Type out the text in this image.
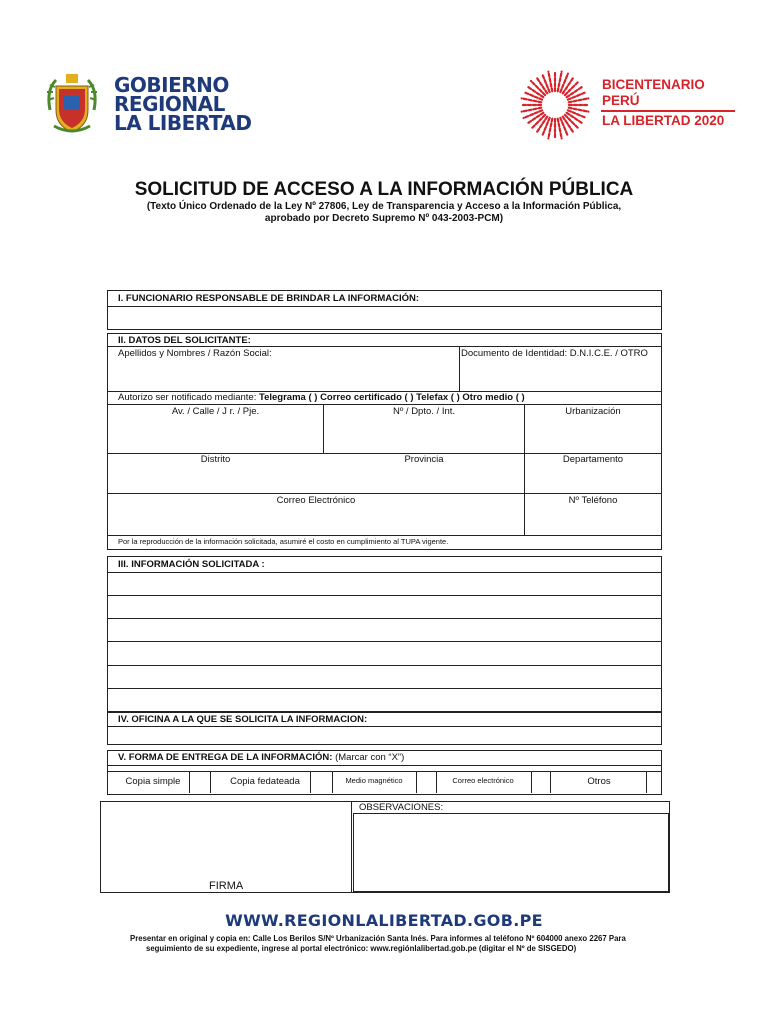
GOBIERNO
REGIONAL
LA LIBERTAD
BICENTENARIO
PERÚ
LA LIBERTAD 2020
SOLICITUD DE ACCESO A LA INFORMACIÓN PÚBLICA
(Texto Único Ordenado de la Ley Nº 27806, Ley de Transparencia y Acceso a la Información Pública,
aprobado por Decreto Supremo Nº 043-2003-PCM)
I. FUNCIONARIO RESPONSABLE DE BRINDAR LA INFORMACIÓN:
II. DATOS DEL SOLICITANTE:
Apellidos y Nombres / Razón Social:	Documento de Identidad: D.N.I.C.E. / OTRO
Autorizo ser notificado mediante: Telegrama ( ) Correo certificado ( ) Telefax ( ) Otro medio ( )
Av. / Calle / J r. / Pje.	Nº / Dpto. / Int.	Urbanización
Distrito	Provincia	Departamento
Correo Electrónico	Nº Teléfono
Por la reproducción de la información solicitada, asumiré el costo en cumplimiento al TUPA vigente.
III. INFORMACIÓN SOLICITADA :
IV. OFICINA A LA QUE SE SOLICITA LA INFORMACION:
V. FORMA DE ENTREGA DE LA INFORMACIÓN: (Marcar con “X”)
Copia simple	Copia fedateada	Medio magnético	Correo electrónico	Otros
FIRMA
OBSERVACIONES:
WWW.REGIONLALIBERTAD.GOB.PE
Presentar en original y copia en: Calle Los Berilos S/Nº Urbanización Santa Inés. Para informes al teléfono Nº 604000 anexo 2267 Para
seguimiento de su expediente, ingrese al portal electrónico: www.regiónlalibertad.gob.pe (digitar el Nº de SISGEDO)
